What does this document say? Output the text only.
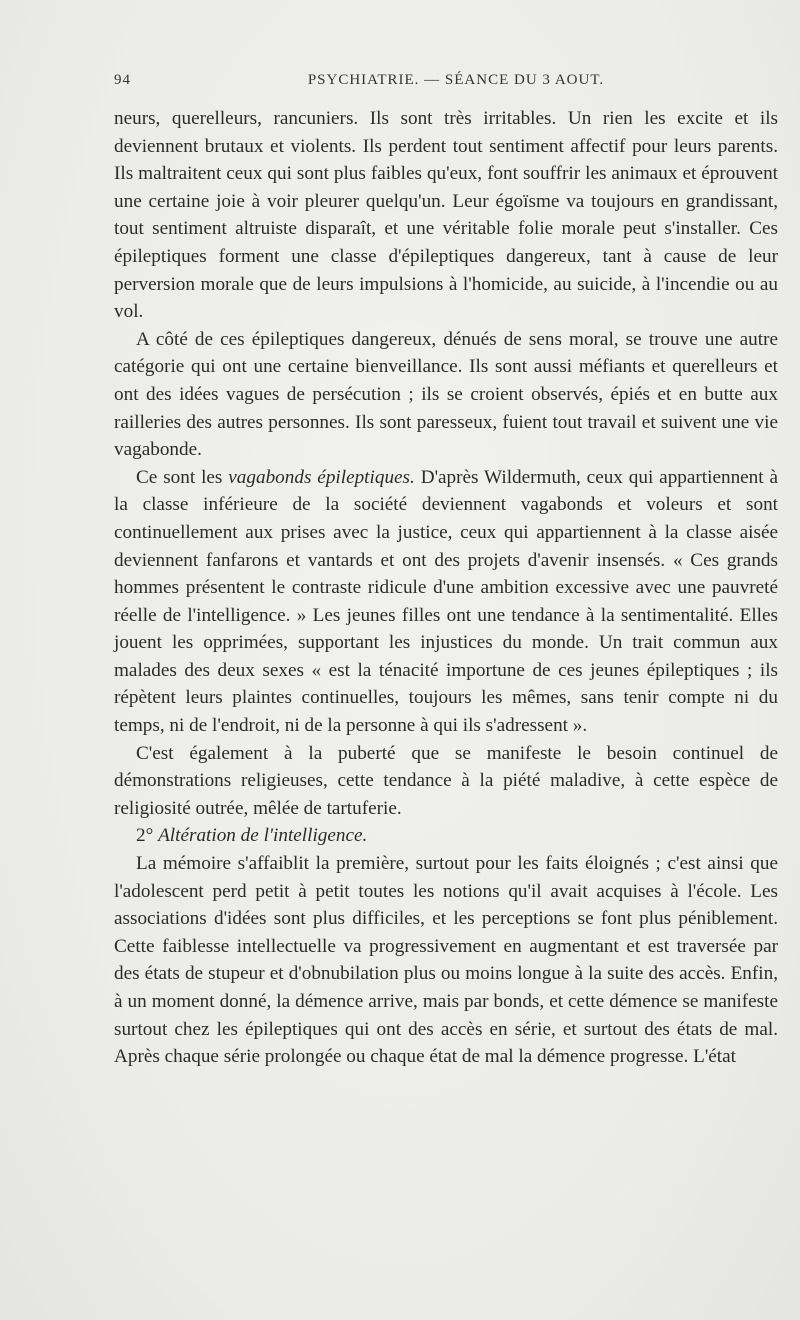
94	PSYCHIATRIE. — SÉANCE DU 3 AOUT.

neurs, querelleurs, rancuniers. Ils sont très irritables. Un rien les excite et ils deviennent brutaux et violents. Ils perdent tout sentiment affectif pour leurs parents. Ils maltraitent ceux qui sont plus faibles qu'eux, font souffrir les animaux et éprouvent une certaine joie à voir pleurer quelqu'un. Leur égoïsme va toujours en grandissant, tout sentiment altruiste disparaît, et une véritable folie morale peut s'installer. Ces épileptiques forment une classe d'épileptiques dangereux, tant à cause de leur perversion morale que de leurs impulsions à l'homicide, au suicide, à l'incendie ou au vol.

A côté de ces épileptiques dangereux, dénués de sens moral, se trouve une autre catégorie qui ont une certaine bienveillance. Ils sont aussi méfiants et querelleurs et ont des idées vagues de persécution ; ils se croient observés, épiés et en butte aux railleries des autres personnes. Ils sont paresseux, fuient tout travail et suivent une vie vagabonde.

Ce sont les vagabonds épileptiques. D'après Wildermuth, ceux qui appartiennent à la classe inférieure de la société deviennent vagabonds et voleurs et sont continuellement aux prises avec la justice, ceux qui appartiennent à la classe aisée deviennent fanfarons et vantards et ont des projets d'avenir insensés. « Ces grands hommes présentent le contraste ridicule d'une ambition excessive avec une pauvreté réelle de l'intelligence. » Les jeunes filles ont une tendance à la sentimentalité. Elles jouent les opprimées, supportant les injustices du monde. Un trait commun aux malades des deux sexes « est la ténacité importune de ces jeunes épileptiques ; ils répètent leurs plaintes continuelles, toujours les mêmes, sans tenir compte ni du temps, ni de l'endroit, ni de la personne à qui ils s'adressent ».

C'est également à la puberté que se manifeste le besoin continuel de démonstrations religieuses, cette tendance à la piété maladive, à cette espèce de religiosité outrée, mêlée de tartuferie.

2° Altération de l'intelligence.

La mémoire s'affaiblit la première, surtout pour les faits éloignés ; c'est ainsi que l'adolescent perd petit à petit toutes les notions qu'il avait acquises à l'école. Les associations d'idées sont plus difficiles, et les perceptions se font plus péniblement. Cette faiblesse intellectuelle va progressivement en augmentant et est traversée par des états de stupeur et d'obnubilation plus ou moins longue à la suite des accès. Enfin, à un moment donné, la démence arrive, mais par bonds, et cette démence se manifeste surtout chez les épileptiques qui ont des accès en série, et surtout des états de mal. Après chaque série prolongée ou chaque état de mal la démence progresse. L'état
